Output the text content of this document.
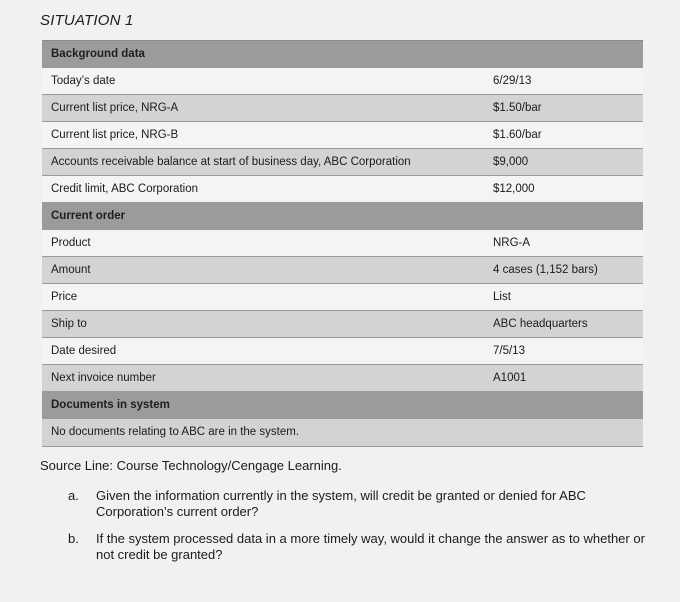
SITUATION 1
Background data
Today’s date	6/29/13
Current list price, NRG-A	$1.50/bar
Current list price, NRG-B	$1.60/bar
Accounts receivable balance at start of business day, ABC Corporation	$9,000
Credit limit, ABC Corporation	$12,000
Current order
Product	NRG-A
Amount	4 cases (1,152 bars)
Price	List
Ship to	ABC headquarters
Date desired	7/5/13
Next invoice number	A1001
Documents in system
No documents relating to ABC are in the system.
Source Line: Course Technology/Cengage Learning.
a. Given the information currently in the system, will credit be granted or denied for ABC Corporation’s current order?
b. If the system processed data in a more timely way, would it change the answer as to whether or not credit be granted?
